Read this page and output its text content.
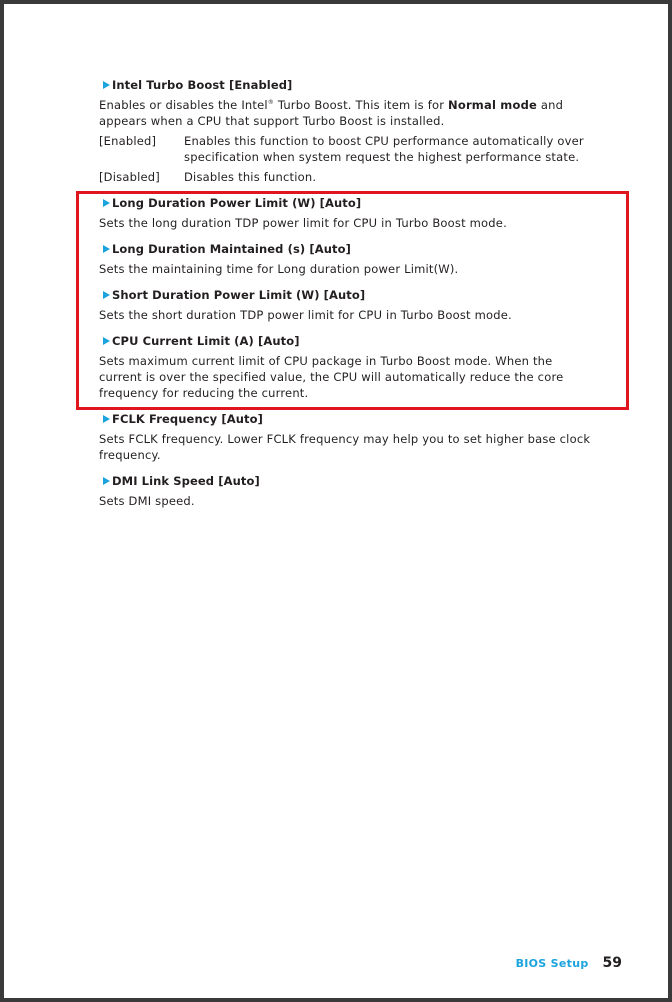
Intel Turbo Boost [Enabled]
Enables or disables the Intel® Turbo Boost. This item is for Normal mode and appears when a CPU that support Turbo Boost is installed.
[Enabled]	Enables this function to boost CPU performance automatically over specification when system request the highest performance state.
[Disabled]	Disables this function.
Long Duration Power Limit (W) [Auto]
Sets the long duration TDP power limit for CPU in Turbo Boost mode.
Long Duration Maintained (s) [Auto]
Sets the maintaining time for Long duration power Limit(W).
Short Duration Power Limit (W) [Auto]
Sets the short duration TDP power limit for CPU in Turbo Boost mode.
CPU Current Limit (A) [Auto]
Sets maximum current limit of CPU package in Turbo Boost mode. When the current is over the specified value, the CPU will automatically reduce the core frequency for reducing the current.
FCLK Frequency [Auto]
Sets FCLK frequency. Lower FCLK frequency may help you to set higher base clock frequency.
DMI Link Speed [Auto]
Sets DMI speed.
BIOS Setup 59
